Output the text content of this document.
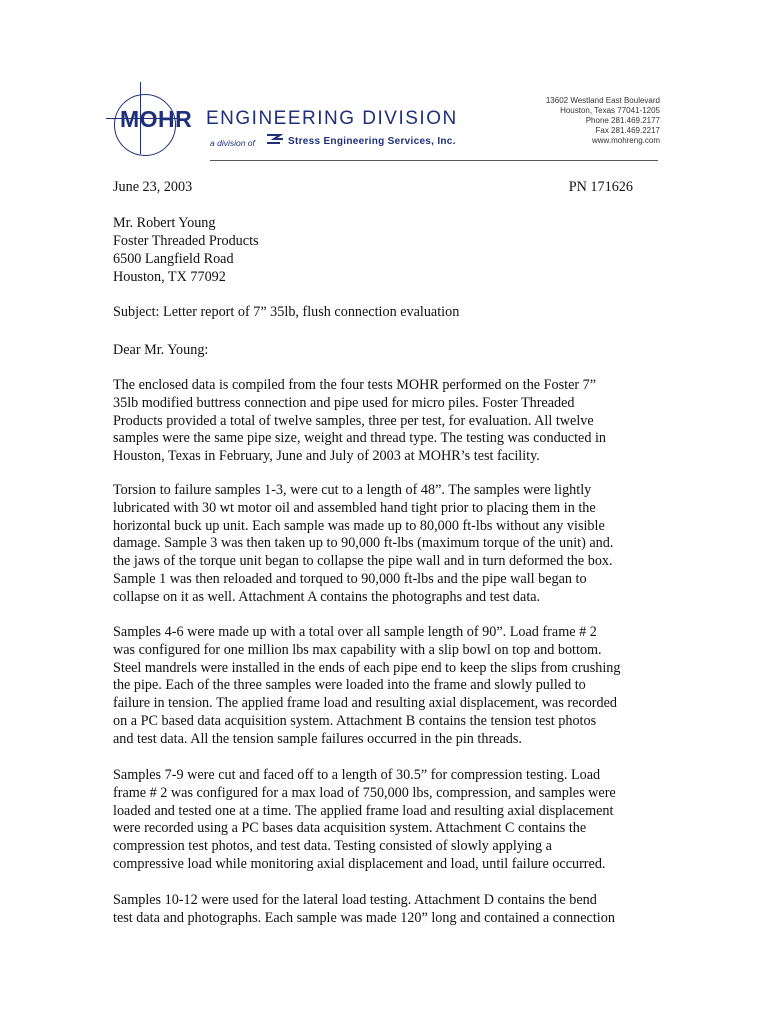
MOHR ENGINEERING DIVISION
a division of	Stress Engineering Services, Inc.
13602 Westland East Boulevard
Houston, Texas 77041-1205
Phone 281.469.2177
Fax 281.469.2217
www.mohreng.com
June 23, 2003	PN 171626
Mr. Robert Young
Foster Threaded Products
6500 Langfield Road
Houston, TX 77092
Subject: Letter report of 7” 35lb, flush connection evaluation
Dear Mr. Young:
The enclosed data is compiled from the four tests MOHR performed on the Foster 7”
35lb modified buttress connection and pipe used for micro piles. Foster Threaded
Products provided a total of twelve samples, three per test, for evaluation. All twelve
samples were the same pipe size, weight and thread type. The testing was conducted in
Houston, Texas in February, June and July of 2003 at MOHR’s test facility.
Torsion to failure samples 1-3, were cut to a length of 48”. The samples were lightly
lubricated with 30 wt motor oil and assembled hand tight prior to placing them in the
horizontal buck up unit. Each sample was made up to 80,000 ft-lbs without any visible
damage. Sample 3 was then taken up to 90,000 ft-lbs (maximum torque of the unit) and.
the jaws of the torque unit began to collapse the pipe wall and in turn deformed the box.
Sample 1 was then reloaded and torqued to 90,000 ft-lbs and the pipe wall began to
collapse on it as well. Attachment A contains the photographs and test data.
Samples 4-6 were made up with a total over all sample length of 90”. Load frame # 2
was configured for one million lbs max capability with a slip bowl on top and bottom.
Steel mandrels were installed in the ends of each pipe end to keep the slips from crushing
the pipe. Each of the three samples were loaded into the frame and slowly pulled to
failure in tension. The applied frame load and resulting axial displacement, was recorded
on a PC based data acquisition system. Attachment B contains the tension test photos
and test data. All the tension sample failures occurred in the pin threads.
Samples 7-9 were cut and faced off to a length of 30.5” for compression testing. Load
frame # 2 was configured for a max load of 750,000 lbs, compression, and samples were
loaded and tested one at a time. The applied frame load and resulting axial displacement
were recorded using a PC bases data acquisition system. Attachment C contains the
compression test photos, and test data. Testing consisted of slowly applying a
compressive load while monitoring axial displacement and load, until failure occurred.
Samples 10-12 were used for the lateral load testing. Attachment D contains the bend
test data and photographs. Each sample was made 120” long and contained a connection
